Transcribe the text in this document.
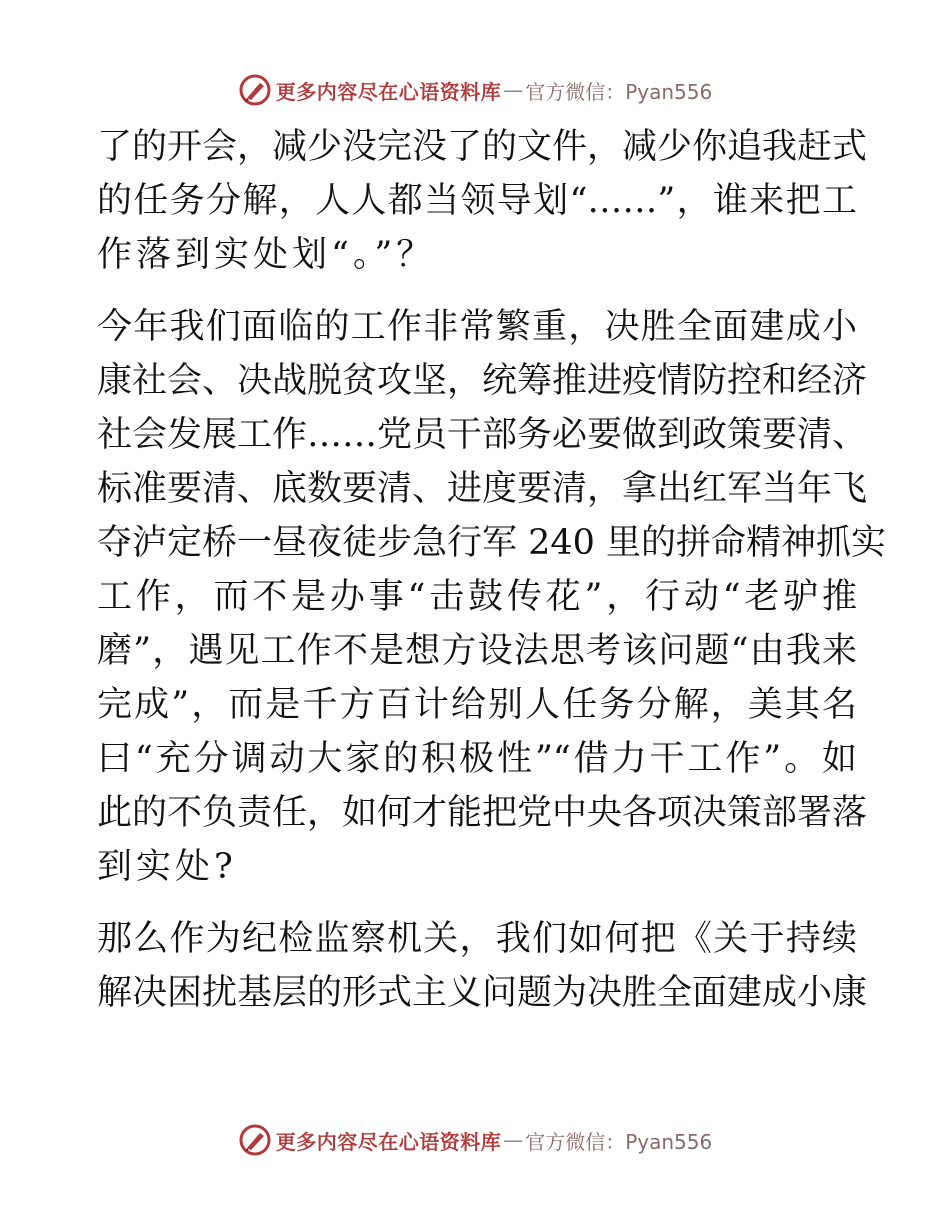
更多内容尽在心语资料库 — 官方微信：Pyan556
了的开会，减少没完没了的文件，减少你追我赶式
的任务分解，人人都当领导划“……”，谁来把工
作落到实处划“。”？
今年我们面临的工作非常繁重，决胜全面建成小
康社会、决战脱贫攻坚，统筹推进疫情防控和经济
社会发展工作……党员干部务必要做到政策要清、
标准要清、底数要清、进度要清，拿出红军当年飞
夺泸定桥一昼夜徒步急行军 240 里的拼命精神抓实
工作，而不是办事“击鼓传花”，行动“老驴推
磨”，遇见工作不是想方设法思考该问题“由我来
完成”，而是千方百计给别人任务分解，美其名
曰“充分调动大家的积极性”“借力干工作”。如
此的不负责任，如何才能把党中央各项决策部署落
到实处?
那么作为纪检监察机关，我们如何把《关于持续
解决困扰基层的形式主义问题为决胜全面建成小康
更多内容尽在心语资料库 — 官方微信：Pyan556
